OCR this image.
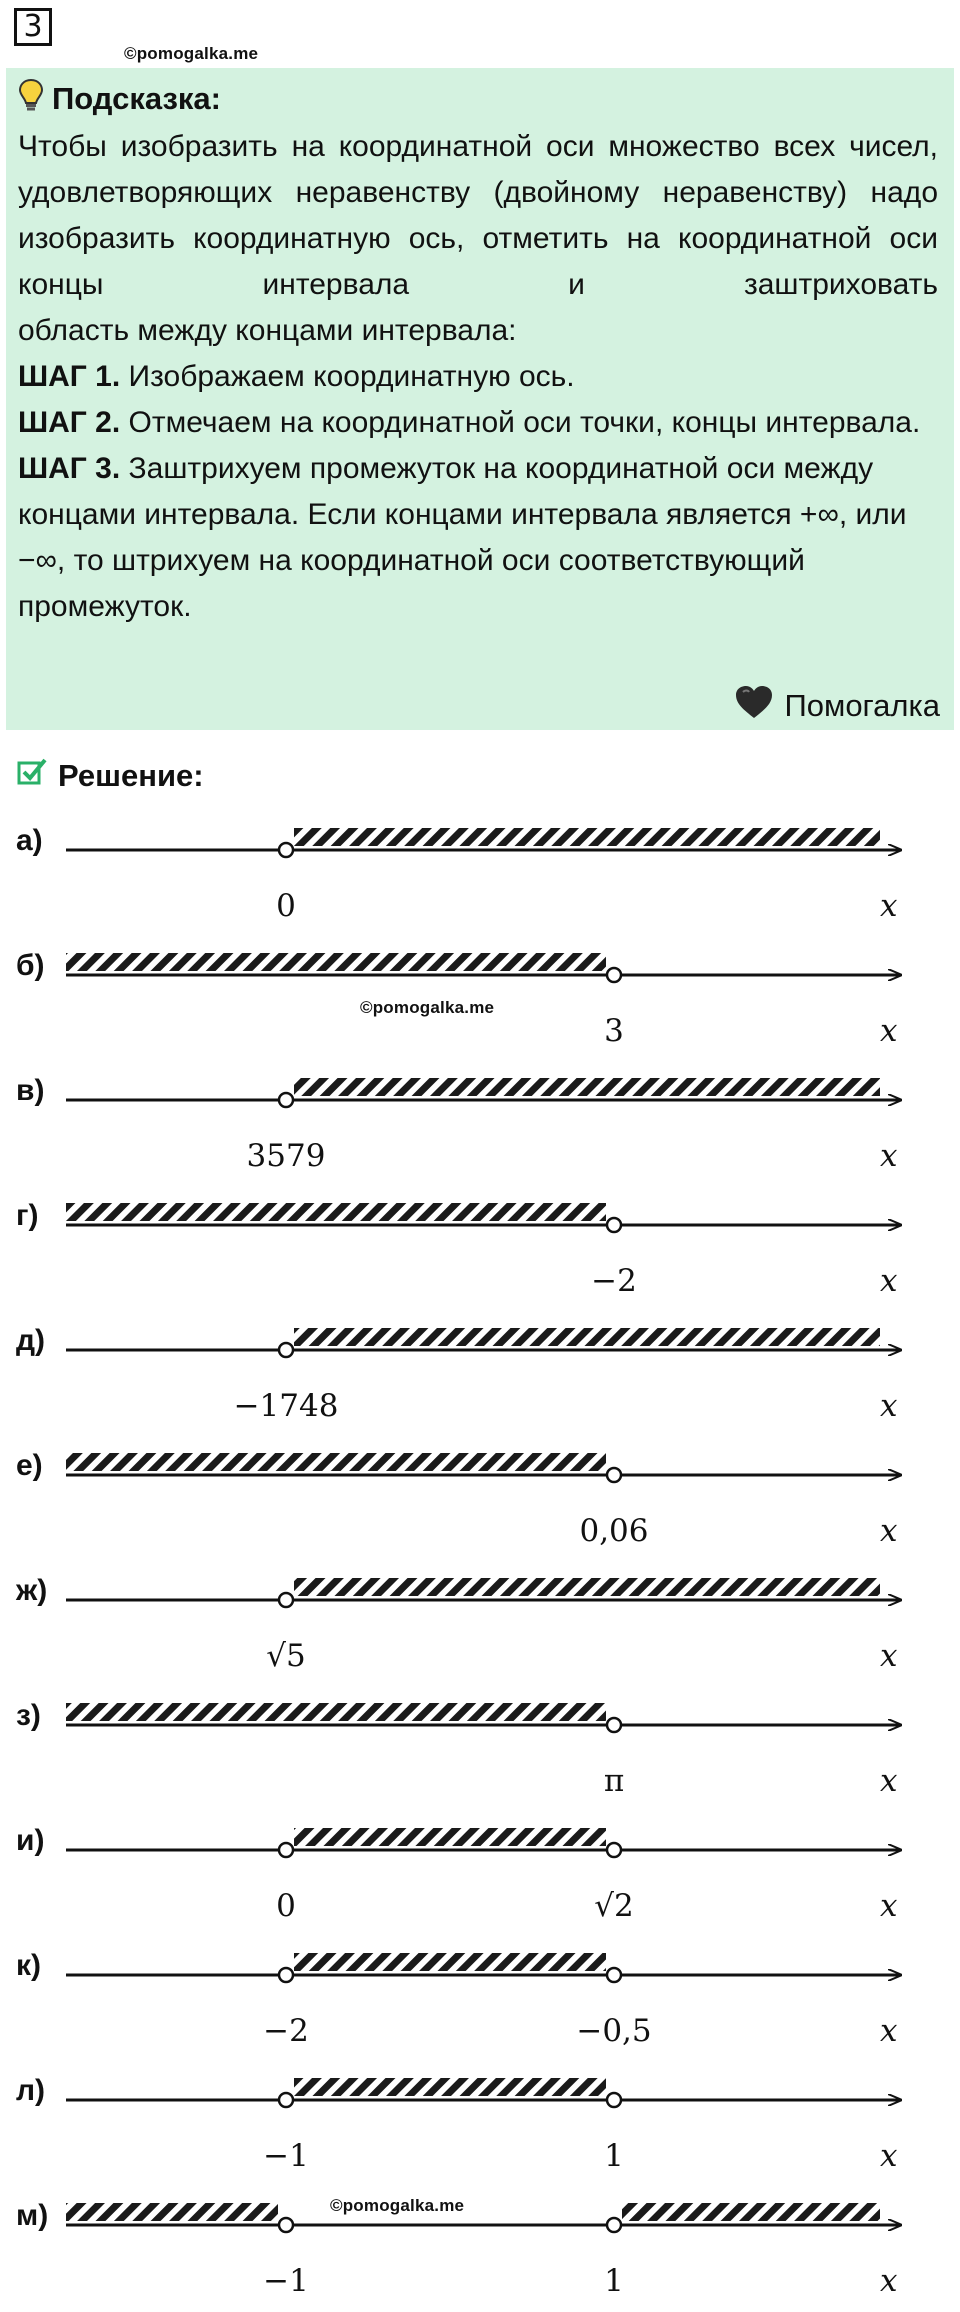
3
©pomogalka.me
Подсказка:

Чтобы изобразить на координатной оси множество всех чисел, удовлетворяющих неравенству (двойному неравенству) надо изобразить координатную ось, отметить на координатной оси концы интервала и заштриховать

область между концами интервала:

ШАГ 1. Изображаем координатную ось.

ШАГ 2. Отмечаем на координатной оси точки, концы интервала.

ШАГ 3. Заштрихуем промежуток на координатной оси между концами интервала. Если концами интервала является +∞, или −∞, то штрихуем на координатной оси соответствующий промежуток.

Помогалка
Решение:
а)
0	x
б)
3	x
в)
3579	x
г)
−2	x
д)
−1748	x
е)
0,06	x
ж)
√5	x
з)
π	x
и)
0	√2	x
к)
−2	−0,5	x
л)
−1	1	x
м)
−1	1	x
©pomogalka.me
©pomogalka.me
